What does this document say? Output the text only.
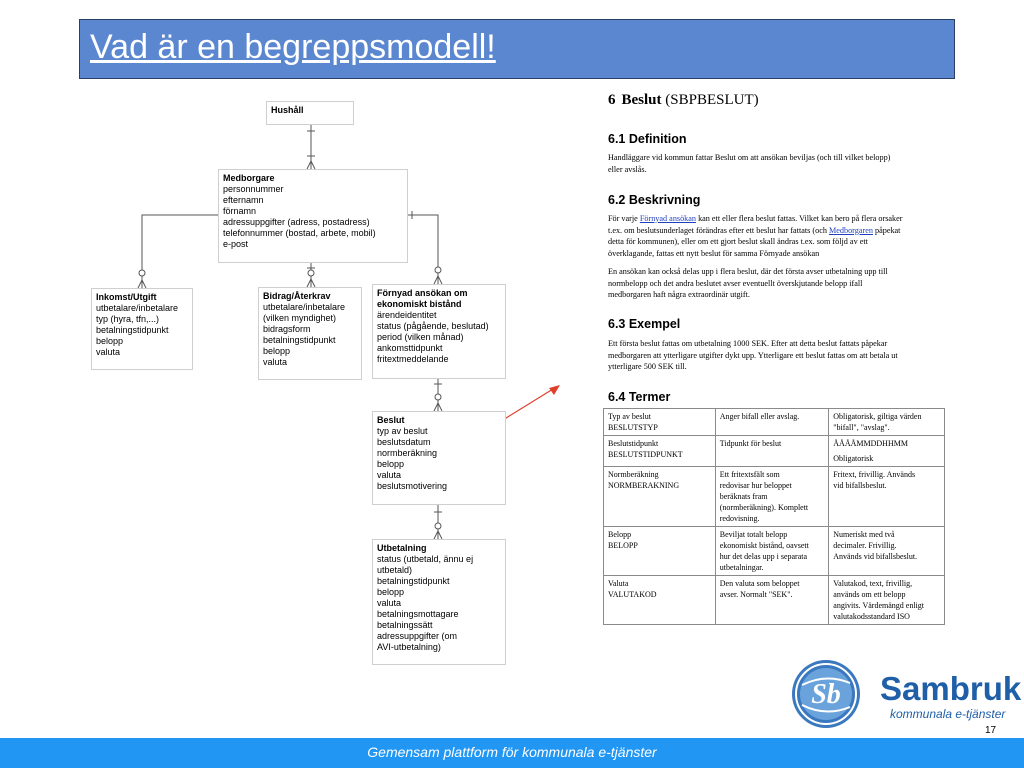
Vad är en begreppsmodell!
Hushåll
Medborgare
personnummer
efternamn
förnamn
adressuppgifter (adress, postadress)
telefonnummer (bostad, arbete, mobil)
e-post
Inkomst/Utgift
utbetalare/inbetalare
typ (hyra, tfn,...)
betalningstidpunkt
belopp
valuta
Bidrag/Återkrav
utbetalare/inbetalare
(vilken myndighet)
bidragsform
betalningstidpunkt
belopp
valuta
Förnyad ansökan om
ekonomiskt bistånd
ärendeidentitet
status (pågående, beslutad)
period (vilken månad)
ankomsttidpunkt
fritextmeddelande
Beslut
typ av beslut
beslutsdatum
normberäkning
belopp
valuta
beslutsmotivering
Utbetalning
status (utbetald, ännu ej
utbetald)
betalningstidpunkt
belopp
valuta
betalningsmottagare
betalningssätt
adressuppgifter (om
AVI-utbetalning)
6 Beslut (SBPBESLUT)
6.1 Definition

Handläggare vid kommun fattar Beslut om att ansökan beviljas (och till vilket belopp)
eller avslås.

6.2 Beskrivning

För varje Förnyad ansökan kan ett eller flera beslut fattas. Vilket kan bero på flera orsaker
t.ex. om beslutsunderlaget förändras efter ett beslut har fattats (och Medborgaren påpekat
detta för kommunen), eller om ett gjort beslut skall ändras t.ex. som följd av ett
överklagande, fattas ett nytt beslut för samma Förnyade ansökan

En ansökan kan också delas upp i flera beslut, där det första avser utbetalning upp till
normbelopp och det andra beslutet avser eventuellt överskjutande belopp ifall
medborgaren haft några extraordinär utgift.

6.3 Exempel

Ett första beslut fattas om utbetalning 1000 SEK. Efter att detta beslut fattats påpekar
medborgaren att ytterligare utgifter dykt upp. Ytterligare ett beslut fattas om att betala ut
ytterligare 500 SEK till.

6.4 Termer
Typ av beslut
BESLUTSTYP	Anger bifall eller avslag.	Obligatorisk, giltiga värden
"bifall", "avslag".

Beslutstidpunkt
BESLUTSTIDPUNKT	Tidpunkt för beslut	ÅÅÅÅMMDDHHMM
Obligatorisk

Normberäkning
NORMBERAKNING	Ett fritextsfält som
redovisar hur beloppet
beräknats fram
(normberäkning). Komplett
redovisning.	Fritext, frivillig. Används
vid bifallsbeslut.

Belopp
BELOPP	Beviljat totalt belopp
ekonomiskt bistånd, oavsett
hur det delas upp i separata
utbetalningar.	Numeriskt med två
decimaler. Frivillig.
Används vid bifallsbeslut.

Valuta
VALUTAKOD	Den valuta som beloppet
avser. Normalt "SEK".	Valutakod, text, frivillig,
används om ett belopp
angivits. Värdemängd enligt
valutakodsstandard ISO
Sb Sambruk
kommunala e-tjänster
17
Gemensam plattform för kommunala e-tjänster
